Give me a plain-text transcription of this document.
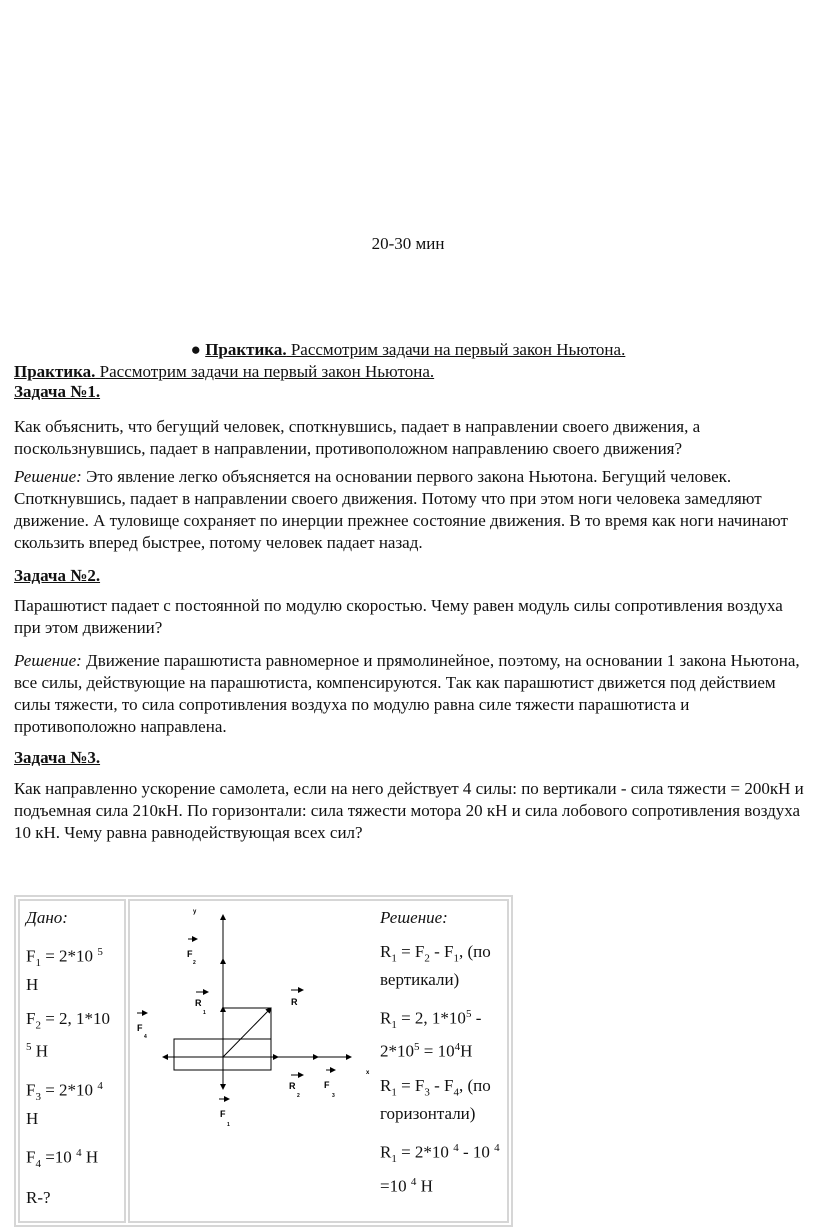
20-30 мин
● Практика. Рассмотрим задачи на первый закон Ньютона.
Практика. Рассмотрим задачи на первый закон Ньютона.
Задача №1.
Как объяснить, что бегущий человек, споткнувшись, падает в направлении своего движения, а поскользнувшись, падает в направлении, противоположном направлению своего движения?
Решение: Это явление легко объясняется на основании первого закона Ньютона. Бегущий человек. Споткнувшись, падает в направлении своего движения. Потому что при этом ноги человека замедляют движение. А туловище сохраняет по инерции прежнее состояние движения. В то время как ноги начинают скользить вперед быстрее, потому человек падает назад.
Задача №2.
Парашютист падает с постоянной по модулю скоростью. Чему равен модуль силы сопротивления воздуха при этом движении?
Решение: Движение парашютиста равномерное и прямолинейное, поэтому, на основании 1 закона Ньютона, все силы, действующие на парашютиста, компенсируются. Так как парашютист движется под действием силы тяжести, то сила сопротивления воздуха по модулю равна силе тяжести парашютиста и противоположно направлена.
Задача №3.
Как направленно ускорение самолета, если на него действует 4 силы: по вертикали - сила тяжести = 200кН и подъемная сила 210кН. По горизонтали: сила тяжести мотора 20 кН и сила лобового сопротивления воздуха 10 кН. Чему равна равнодействующая всех сил?
Дано:
$F_1 = 2*10$ $^5$ Н
$F_2 = 2$, 1*10 $^5$ Н
$F_3 = 2*10$ $^4$ Н
$F_4 =10$ $^4$ Н
R-?

Решение:
$R_1 = F_2 - F_1$, (по вертикали)
$R_1 = 2$, $1*10^5 - 2*10^5 = 10^4Н$
$R_1 = F_3 - F_4$, (по горизонтали)
$R_1 = 2*10$ $^4$ - 10 $^4$ =10 $^4$ Н
y
x
F
2
R
1
R
F
4
R
2
F
3
F
1
